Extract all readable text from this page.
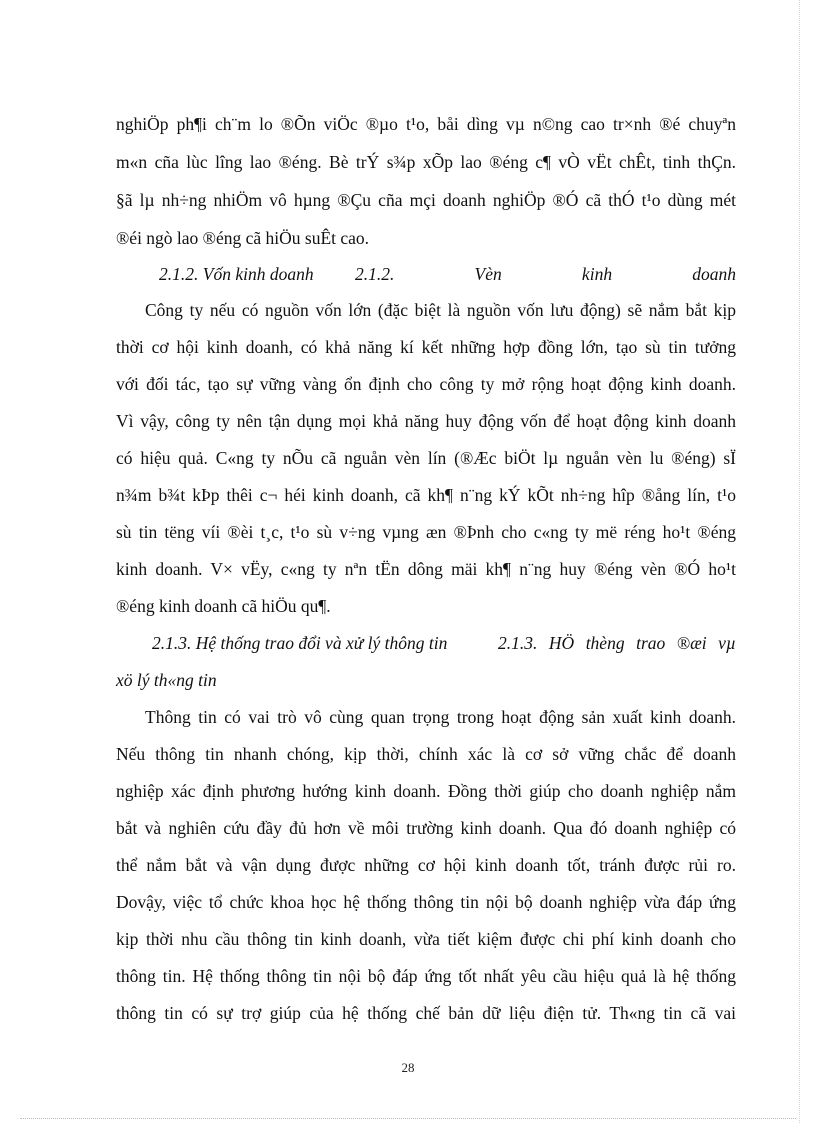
nghiÖp ph¶i ch¨m lo ®Õn viÖc ®µo t¹o, båi dìng vµ n©ng cao tr×nh ®é chuyªn
m«n cña lùc lîng lao ®éng. Bè trÝ s¾p xÕp lao ®éng c¶ vÒ vËt chÊt, tinh thÇn.
§ã lµ nh÷ng nhiÖm vô hµng ®Çu cña mçi doanh nghiÖp ®Ó cã thÓ t¹o dùng mét
®éi ngò lao ®éng cã hiÖu suÊt cao.
2.1.2. Vốn kinh doanh 2.1.2. Vèn kinh doanh
Công ty nếu có nguồn vốn lớn (đặc biệt là nguồn vốn lưu động) sẽ nắm bắt kịp
thời cơ hội kinh doanh, có khả năng kí kết những hợp đồng lớn, tạo sù tin tưởng
với đối tác, tạo sự vững vàng ổn định cho công ty mở rộng hoạt động kinh doanh.
Vì vậy, công ty nên tận dụng mọi khả năng huy động vốn để hoạt động kinh doanh
có hiệu quả. C«ng ty nÕu cã nguån vèn lín (®Æc biÖt lµ nguån vèn lu ®éng) sÏ
n¾m b¾t kÞp thêi c¬ héi kinh doanh, cã kh¶ n¨ng kÝ kÕt nh÷ng hîp ®ång lín, t¹o
sù tin tëng víi ®èi t¸c, t¹o sù v÷ng vµng æn ®Þnh cho c«ng ty më réng ho¹t ®éng
kinh doanh. V× vËy, c«ng ty nªn tËn dông mäi kh¶ n¨ng huy ®éng vèn ®Ó ho¹t
®éng kinh doanh cã hiÖu qu¶.
2.1.3. Hệ thống trao đổi và xử lý thông tin	2.1.3. HÖ thèng trao ®æi vµ
xö lý th«ng tin
Thông tin có vai trò vô cùng quan trọng trong hoạt động sản xuất kinh doanh.
Nếu thông tin nhanh chóng, kịp thời, chính xác là cơ sở vững chắc để doanh
nghiệp xác định phương hướng kinh doanh. Đồng thời giúp cho doanh nghiệp nắm
bắt và nghiên cứu đầy đủ hơn về môi trường kinh doanh. Qua đó doanh nghiệp có
thể nắm bắt và vận dụng được những cơ hội kinh doanh tốt, tránh được rủi ro.
Dovậy, việc tổ chức khoa học hệ thống thông tin nội bộ doanh nghiệp vừa đáp ứng
kịp thời nhu cầu thông tin kinh doanh, vừa tiết kiệm được chi phí kinh doanh cho
thông tin. Hệ thống thông tin nội bộ đáp ứng tốt nhất yêu cầu hiệu quả là hệ thống
thông tin có sự trợ giúp của hệ thống chế bản dữ liệu điện tử. Th«ng tin cã vai
28
